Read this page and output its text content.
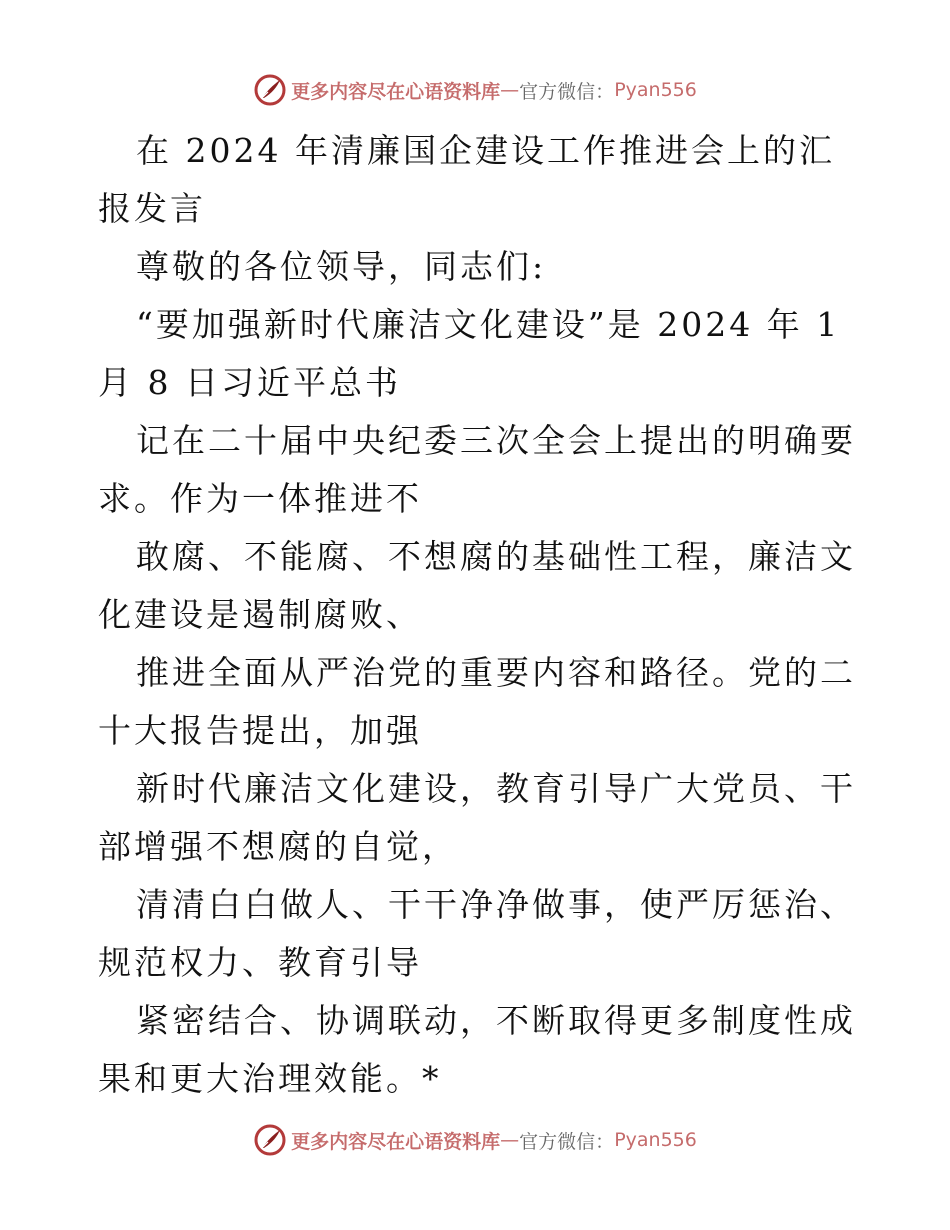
更多内容尽在心语资料库 — 官方微信： Pyan556

在 2024 年清廉国企建设工作推进会上的汇报发言

尊敬的各位领导，同志们:

“要加强新时代廉洁文化建设”是 2024 年 1 月 8 日习近平总书

记在二十届中央纪委三次全会上提出的明确要求。作为一体推进不

敢腐、不能腐、不想腐的基础性工程，廉洁文化建设是遏制腐败、

推进全面从严治党的重要内容和路径。党的二十大报告提出，加强

新时代廉洁文化建设，教育引导广大党员、干部增强不想腐的自觉，

清清白白做人、干干净净做事，使严厉惩治、规范权力、教育引导

紧密结合、协调联动，不断取得更多制度性成果和更大治理效能。*

更多内容尽在心语资料库 — 官方微信： Pyan556
